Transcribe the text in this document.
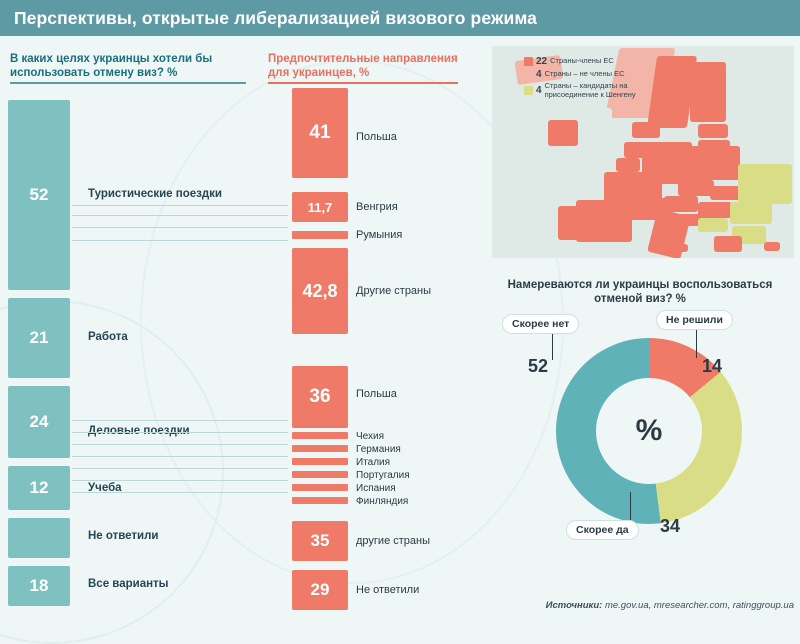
Перспективы, открытые либерализацией визового режима
В каких целях украинцы хотели бы использовать отмену виз? %
52	Туристические поездки
21	Работа
24	Деловые поездки
12	Учеба
Не ответили
18	Все варианты
Предпочтительные направления для украинцев, %
41	Польша
11,7	Венгрия
Румыния
42,8	Другие страны
36	Польша
Чехия
Германия
Италия
Португалия
Испания
Финляндия
35	другие страны
29	Не ответили
22 Страны-члены ЕС
4 Страны – не члены ЕС
4 Страны – кандидаты на присоединение к Шенгену
Намереваются ли украинцы воспользоваться отменой виз? %
%
Скорее нет
52
Не решили
14
Скорее да	34
Источники: me.gov.ua, mresearcher.com, ratinggroup.ua
